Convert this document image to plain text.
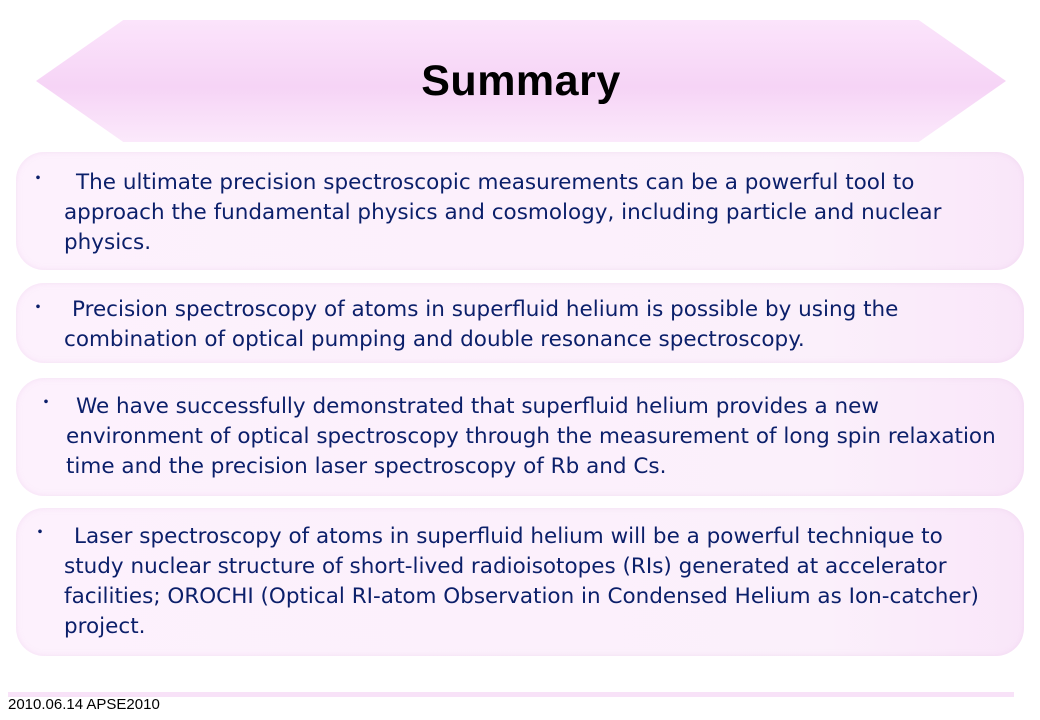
Summary
・	The ultimate precision spectroscopic measurements can be a powerful tool to approach the fundamental physics and cosmology, including particle and nuclear physics.
・	Precision spectroscopy of atoms in superfluid helium is possible by using the combination of optical pumping and double resonance spectroscopy.
・ We have successfully demonstrated that superfluid helium provides a new environment of optical spectroscopy through the measurement of long spin relaxation time and the precision laser spectroscopy of Rb and Cs.
・	Laser spectroscopy of atoms in superfluid helium will be a powerful technique to study nuclear structure of short-lived radioisotopes (RIs) generated at accelerator facilities; OROCHI (Optical RI-atom Observation in Condensed Helium as Ion-catcher) project.
2010.06.14 APSE2010
